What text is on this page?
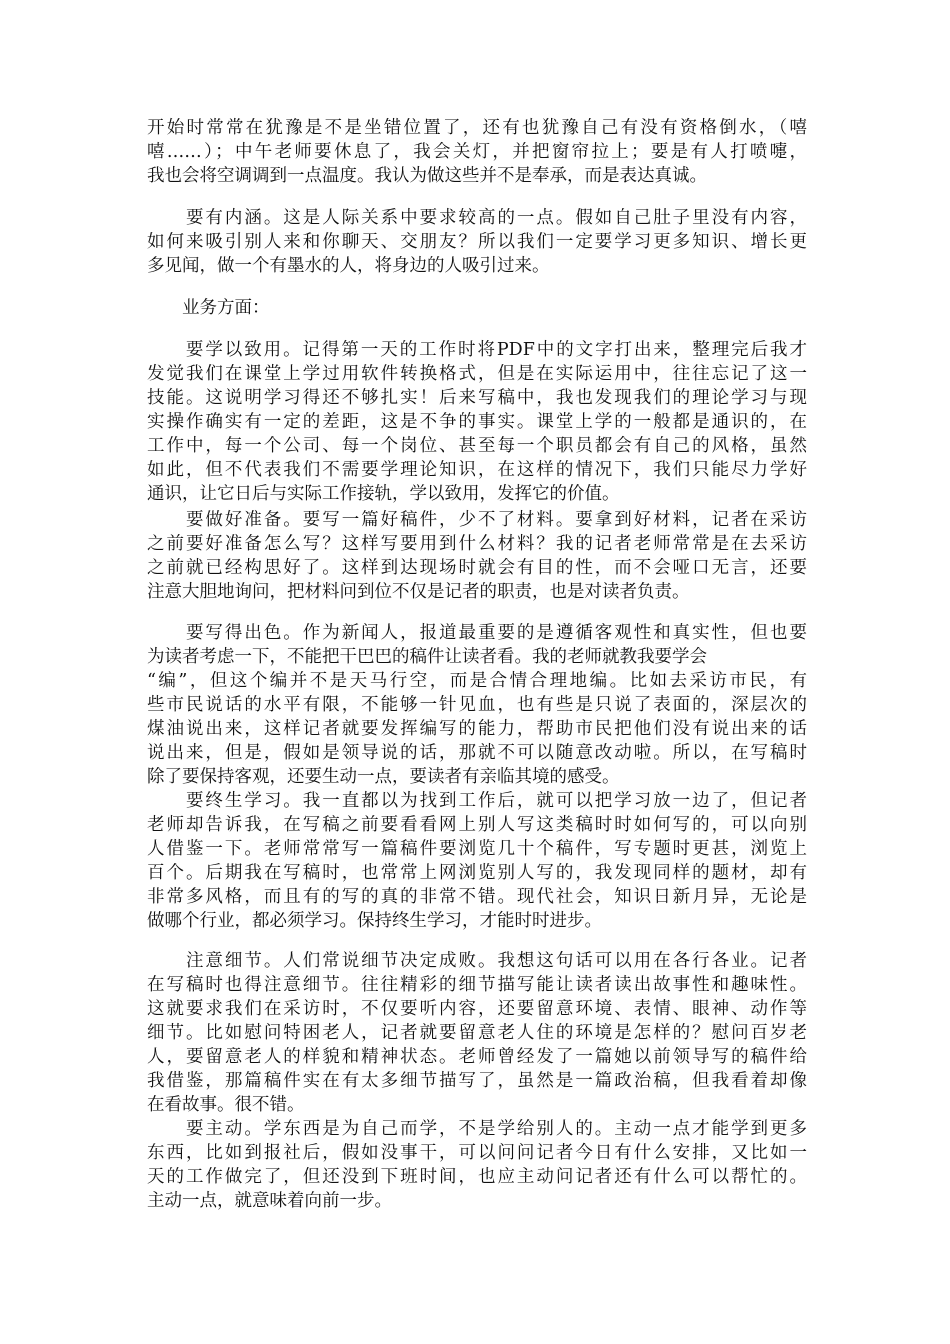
开始时常常在犹豫是不是坐错位置了，还有也犹豫自己有没有资格倒水，（嘻
嘻……）；中午老师要休息了，我会关灯，并把窗帘拉上；要是有人打喷嚏，
我也会将空调调到一点温度。我认为做这些并不是奉承，而是表达真诚。
　　要有内涵。这是人际关系中要求较高的一点。假如自己肚子里没有内容，
如何来吸引别人来和你聊天、交朋友？所以我们一定要学习更多知识、增长更
多见闻，做一个有墨水的人，将身边的人吸引过来。
　　业务方面：
　　要学以致用。记得第一天的工作时将PDF中的文字打出来，整理完后我才
发觉我们在课堂上学过用软件转换格式，但是在实际运用中，往往忘记了这一
技能。这说明学习得还不够扎实！后来写稿中，我也发现我们的理论学习与现
实操作确实有一定的差距，这是不争的事实。课堂上学的一般都是通识的，在
工作中，每一个公司、每一个岗位、甚至每一个职员都会有自己的风格，虽然
如此，但不代表我们不需要学理论知识，在这样的情况下，我们只能尽力学好
通识，让它日后与实际工作接轨，学以致用，发挥它的价值。
　　要做好准备。要写一篇好稿件，少不了材料。要拿到好材料，记者在采访
之前要好准备怎么写？这样写要用到什么材料？我的记者老师常常是在去采访
之前就已经构思好了。这样到达现场时就会有目的性，而不会哑口无言，还要
注意大胆地询问，把材料问到位不仅是记者的职责，也是对读者负责。
　　要写得出色。作为新闻人，报道最重要的是遵循客观性和真实性，但也要
为读者考虑一下，不能把干巴巴的稿件让读者看。我的老师就教我要学会
“编”，但这个编并不是天马行空，而是合情合理地编。比如去采访市民，有
些市民说话的水平有限，不能够一针见血，也有些是只说了表面的，深层次的
煤油说出来，这样记者就要发挥编写的能力，帮助市民把他们没有说出来的话
说出来，但是，假如是领导说的话，那就不可以随意改动啦。所以，在写稿时
除了要保持客观，还要生动一点，要读者有亲临其境的感受。
　　要终生学习。我一直都以为找到工作后，就可以把学习放一边了，但记者
老师却告诉我，在写稿之前要看看网上别人写这类稿时时如何写的，可以向别
人借鉴一下。老师常常写一篇稿件要浏览几十个稿件，写专题时更甚，浏览上
百个。后期我在写稿时，也常常上网浏览别人写的，我发现同样的题材，却有
非常多风格，而且有的写的真的非常不错。现代社会，知识日新月异，无论是
做哪个行业，都必须学习。保持终生学习，才能时时进步。
　　注意细节。人们常说细节决定成败。我想这句话可以用在各行各业。记者
在写稿时也得注意细节。往往精彩的细节描写能让读者读出故事性和趣味性。
这就要求我们在采访时，不仅要听内容，还要留意环境、表情、眼神、动作等
细节。比如慰问特困老人，记者就要留意老人住的环境是怎样的？慰问百岁老
人，要留意老人的样貌和精神状态。老师曾经发了一篇她以前领导写的稿件给
我借鉴，那篇稿件实在有太多细节描写了，虽然是一篇政治稿，但我看着却像
在看故事。很不错。
　　要主动。学东西是为自己而学，不是学给别人的。主动一点才能学到更多
东西，比如到报社后，假如没事干，可以问问记者今日有什么安排，又比如一
天的工作做完了，但还没到下班时间，也应主动问记者还有什么可以帮忙的。
主动一点，就意味着向前一步。
